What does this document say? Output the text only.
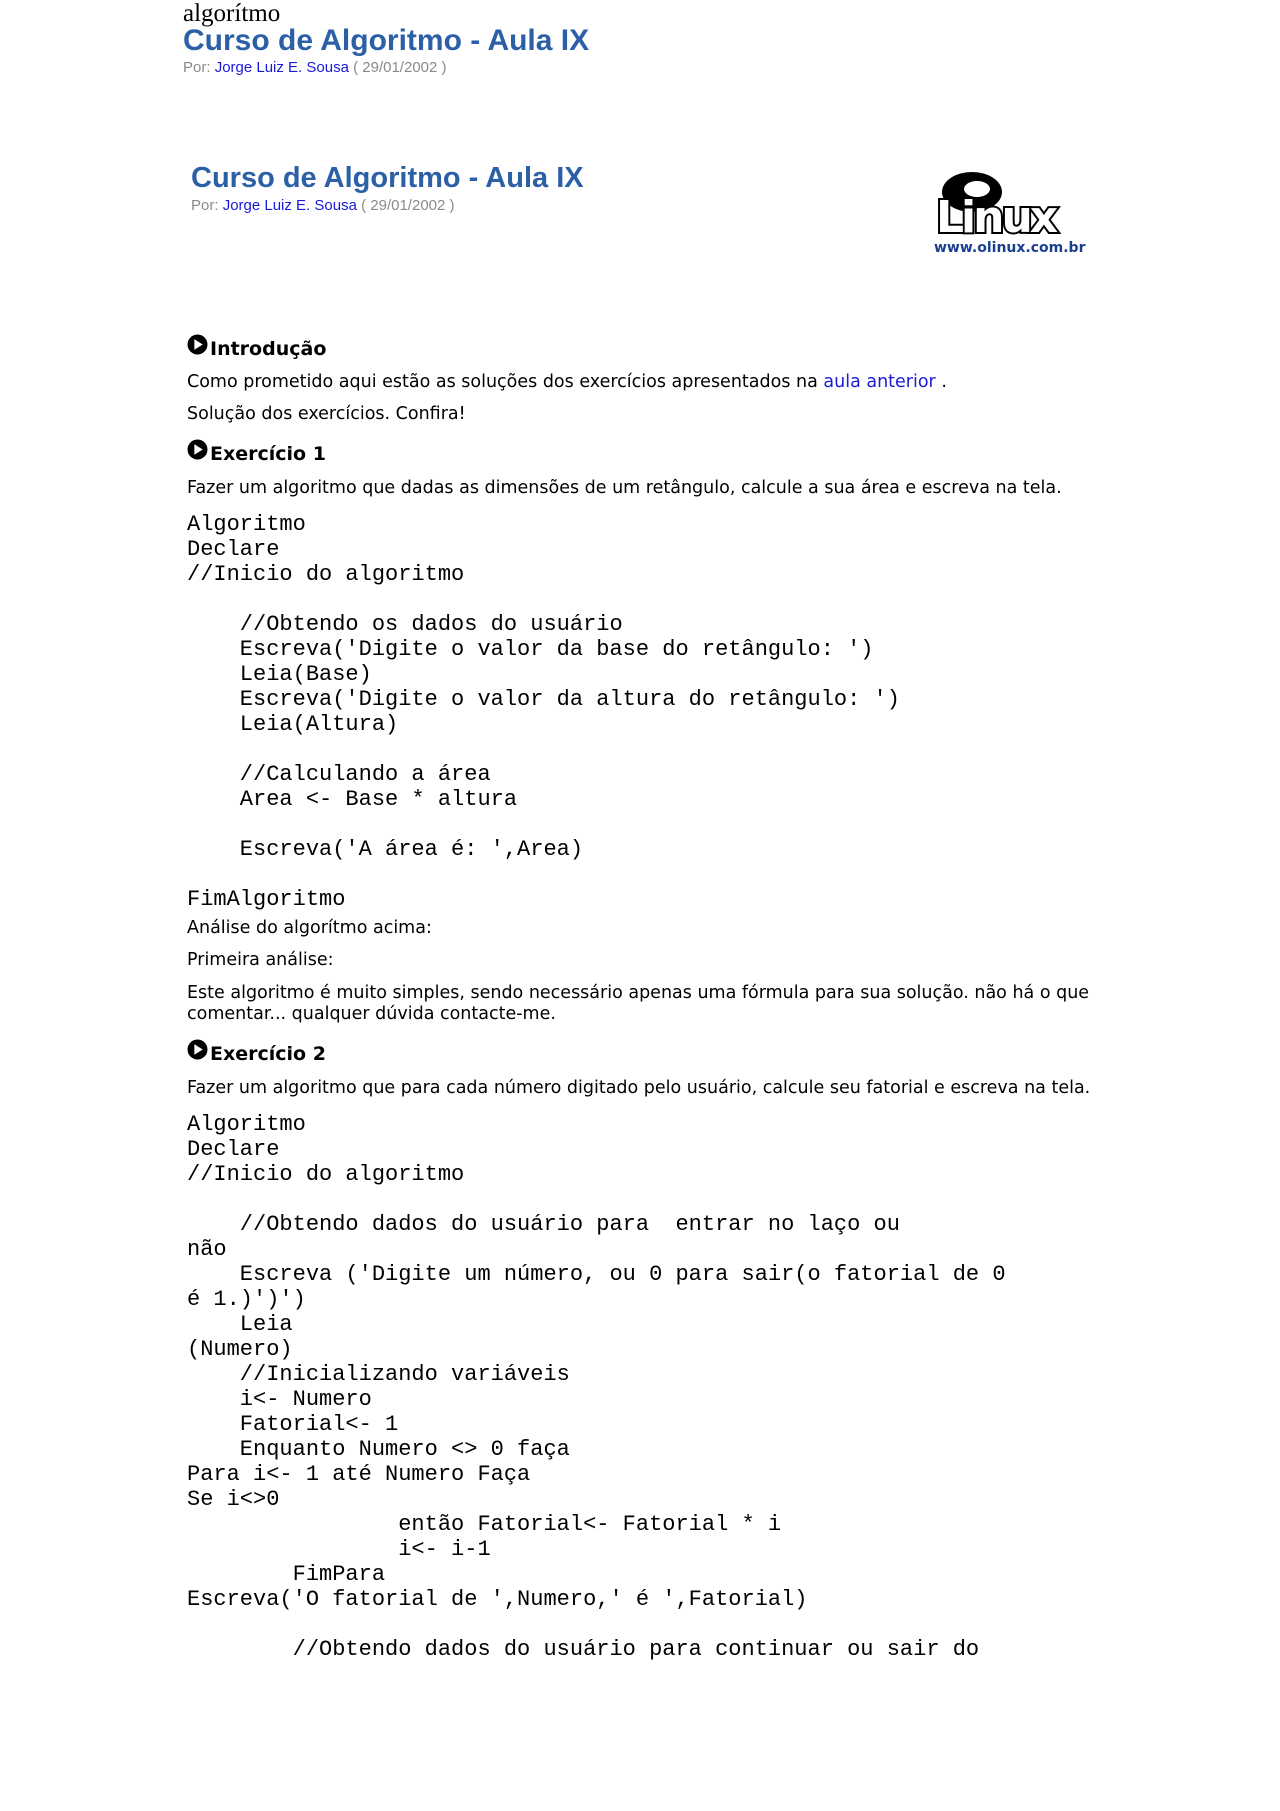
algorítmo
Curso de Algoritmo - Aula IX
Por: Jorge Luiz E. Sousa ( 29/01/2002 )
Curso de Algoritmo - Aula IX
Por: Jorge Luiz E. Sousa ( 29/01/2002 )	Linux
www.olinux.com.br
Introdução
Como prometido aqui estão as soluções dos exercícios apresentados na aula anterior .
Solução dos exercícios. Confira!
Exercício 1
Fazer um algoritmo que dadas as dimensões de um retângulo, calcule a sua área e escreva na tela.
Algoritmo
Declare
//Inicio do algoritmo

//Obtendo os dados do usuário
Escreva('Digite o valor da base do retângulo: ')
Leia(Base)
Escreva('Digite o valor da altura do retângulo: ')
Leia(Altura)

//Calculando a área
Area <- Base * altura

Escreva('A área é: ',Area)

FimAlgoritmo
Análise do algorítmo acima:
Primeira análise:
Este algoritmo é muito simples, sendo necessário apenas uma fórmula para sua solução. não há o que
comentar... qualquer dúvida contacte-me.
Exercício 2
Fazer um algoritmo que para cada número digitado pelo usuário, calcule seu fatorial e escreva na tela.
Algoritmo
Declare
//Inicio do algoritmo

//Obtendo dados do usuário para  entrar no laço ou
não
Escreva ('Digite um número, ou 0 para sair(o fatorial de 0
é 1.)')')
Leia
(Numero)
//Inicializando variáveis
i<- Numero
Fatorial<- 1
Enquanto Numero <> 0 faça
Para i<- 1 até Numero Faça
Se i<>0
então Fatorial<- Fatorial * i
i<- i-1
FimPara
Escreva('O fatorial de ',Numero,' é ',Fatorial)

//Obtendo dados do usuário para continuar ou sair do
